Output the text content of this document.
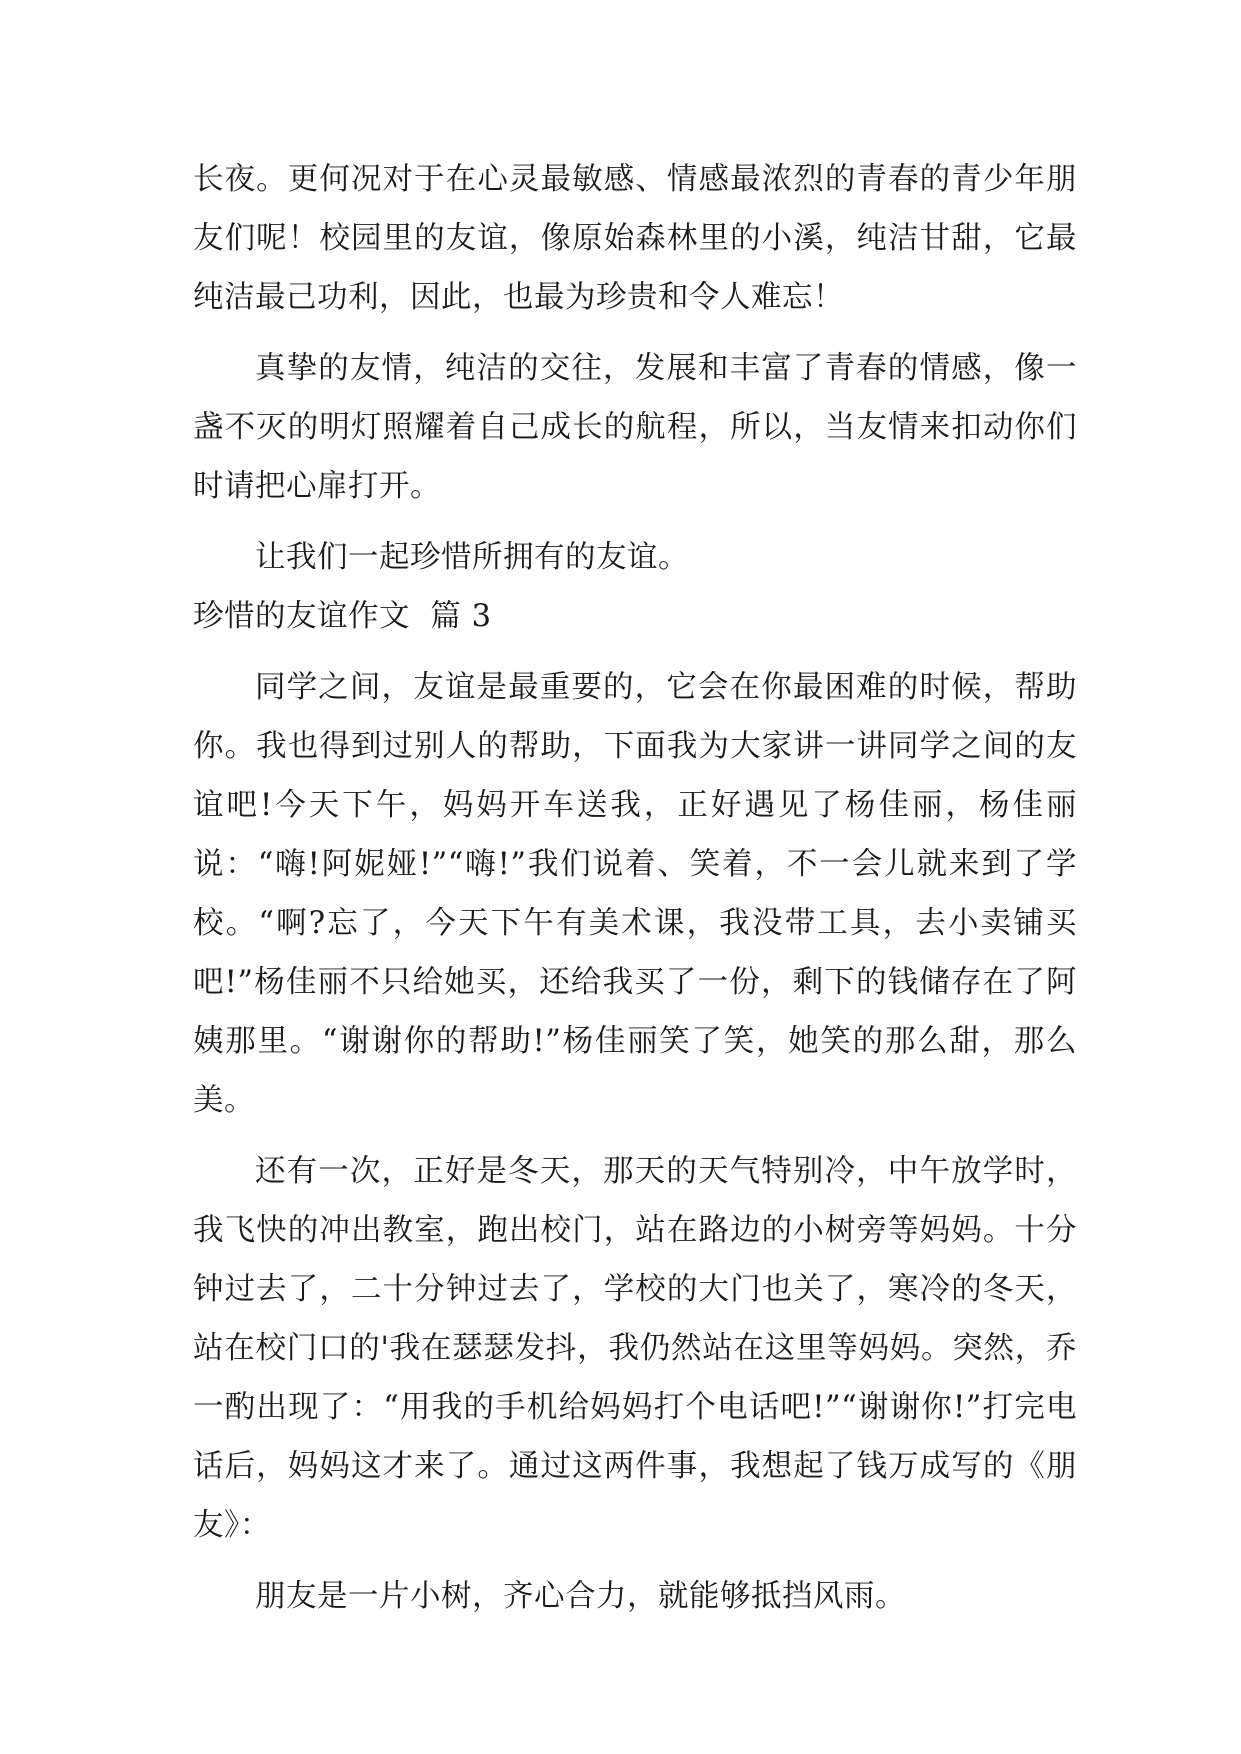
长夜。更何况对于在心灵最敏感、情感最浓烈的青春的青少年朋友们呢！校园里的友谊，像原始森林里的小溪，纯洁甘甜，它最纯洁最己功利，因此，也最为珍贵和令人难忘！

真挚的友情，纯洁的交往，发展和丰富了青春的情感，像一盏不灭的明灯照耀着自己成长的航程，所以，当友情来扣动你们时请把心扉打开。

让我们一起珍惜所拥有的友谊。

珍惜的友谊作文  篇 3

同学之间，友谊是最重要的，它会在你最困难的时候，帮助你。我也得到过别人的帮助，下面我为大家讲一讲同学之间的友谊吧!今天下午，妈妈开车送我，正好遇见了杨佳丽，杨佳丽说：“嗨!阿妮娅!”“嗨!”我们说着、笑着，不一会儿就来到了学校。“啊?忘了，今天下午有美术课，我没带工具，去小卖铺买吧!”杨佳丽不只给她买，还给我买了一份，剩下的钱储存在了阿姨那里。“谢谢你的帮助!”杨佳丽笑了笑，她笑的那么甜，那么美。

还有一次，正好是冬天，那天的天气特别冷，中午放学时，我飞快的冲出教室，跑出校门，站在路边的小树旁等妈妈。十分钟过去了，二十分钟过去了，学校的大门也关了，寒冷的冬天，站在校门口的'我在瑟瑟发抖，我仍然站在这里等妈妈。突然，乔一酌出现了：“用我的手机给妈妈打个电话吧!”“谢谢你!”打完电话后，妈妈这才来了。通过这两件事，我想起了钱万成写的《朋友》：

朋友是一片小树，齐心合力，就能够抵挡风雨。
